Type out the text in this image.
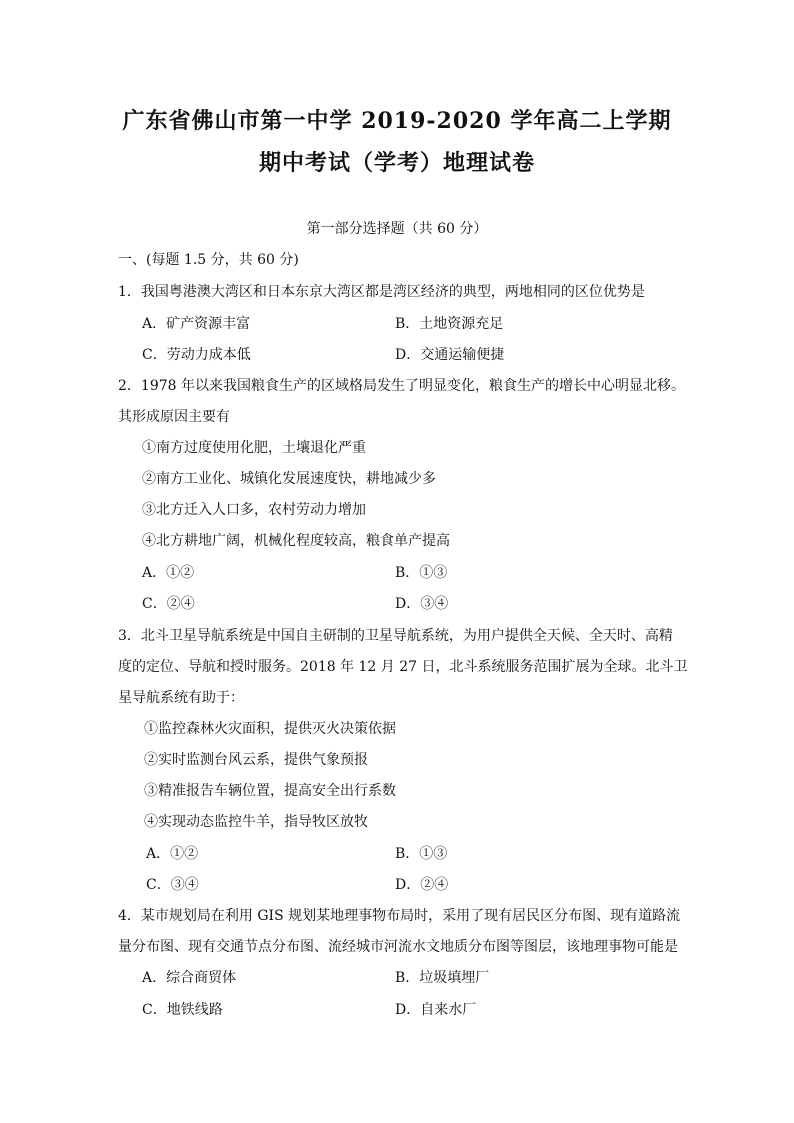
广东省佛山市第一中学 2019-2020 学年高二上学期
期中考试（学考）地理试卷
第一部分选择题（共 60 分）
一、(每题 1.5 分，共 60 分)
1．我国粤港澳大湾区和日本东京大湾区都是湾区经济的典型，两地相同的区位优势是
A．矿产资源丰富	B．土地资源充足
C．劳动力成本低	D．交通运输便捷
2．1978 年以来我国粮食生产的区域格局发生了明显变化，粮食生产的增长中心明显北移。
其形成原因主要有
①南方过度使用化肥，土壤退化严重
②南方工业化、城镇化发展速度快，耕地减少多
③北方迁入人口多，农村劳动力增加
④北方耕地广阔，机械化程度较高，粮食单产提高
A．①②	B．①③
C．②④	D．③④
3．北斗卫星导航系统是中国自主研制的卫星导航系统，为用户提供全天候、全天时、高精
度的定位、导航和授时服务。2018 年 12 月 27 日，北斗系统服务范围扩展为全球。北斗卫
星导航系统有助于：
①监控森林火灾面积，提供灭火决策依据
②实时监测台风云系，提供气象预报
③精准报告车辆位置，提高安全出行系数
④实现动态监控牛羊，指导牧区放牧
A．①②	B．①③
C．③④	D．②④
4．某市规划局在利用 GIS 规划某地理事物布局时，采用了现有居民区分布图、现有道路流
量分布图、现有交通节点分布图、流经城市河流水文地质分布图等图层，该地理事物可能是
A．综合商贸体	B．垃圾填埋厂
C．地铁线路	D．自来水厂
